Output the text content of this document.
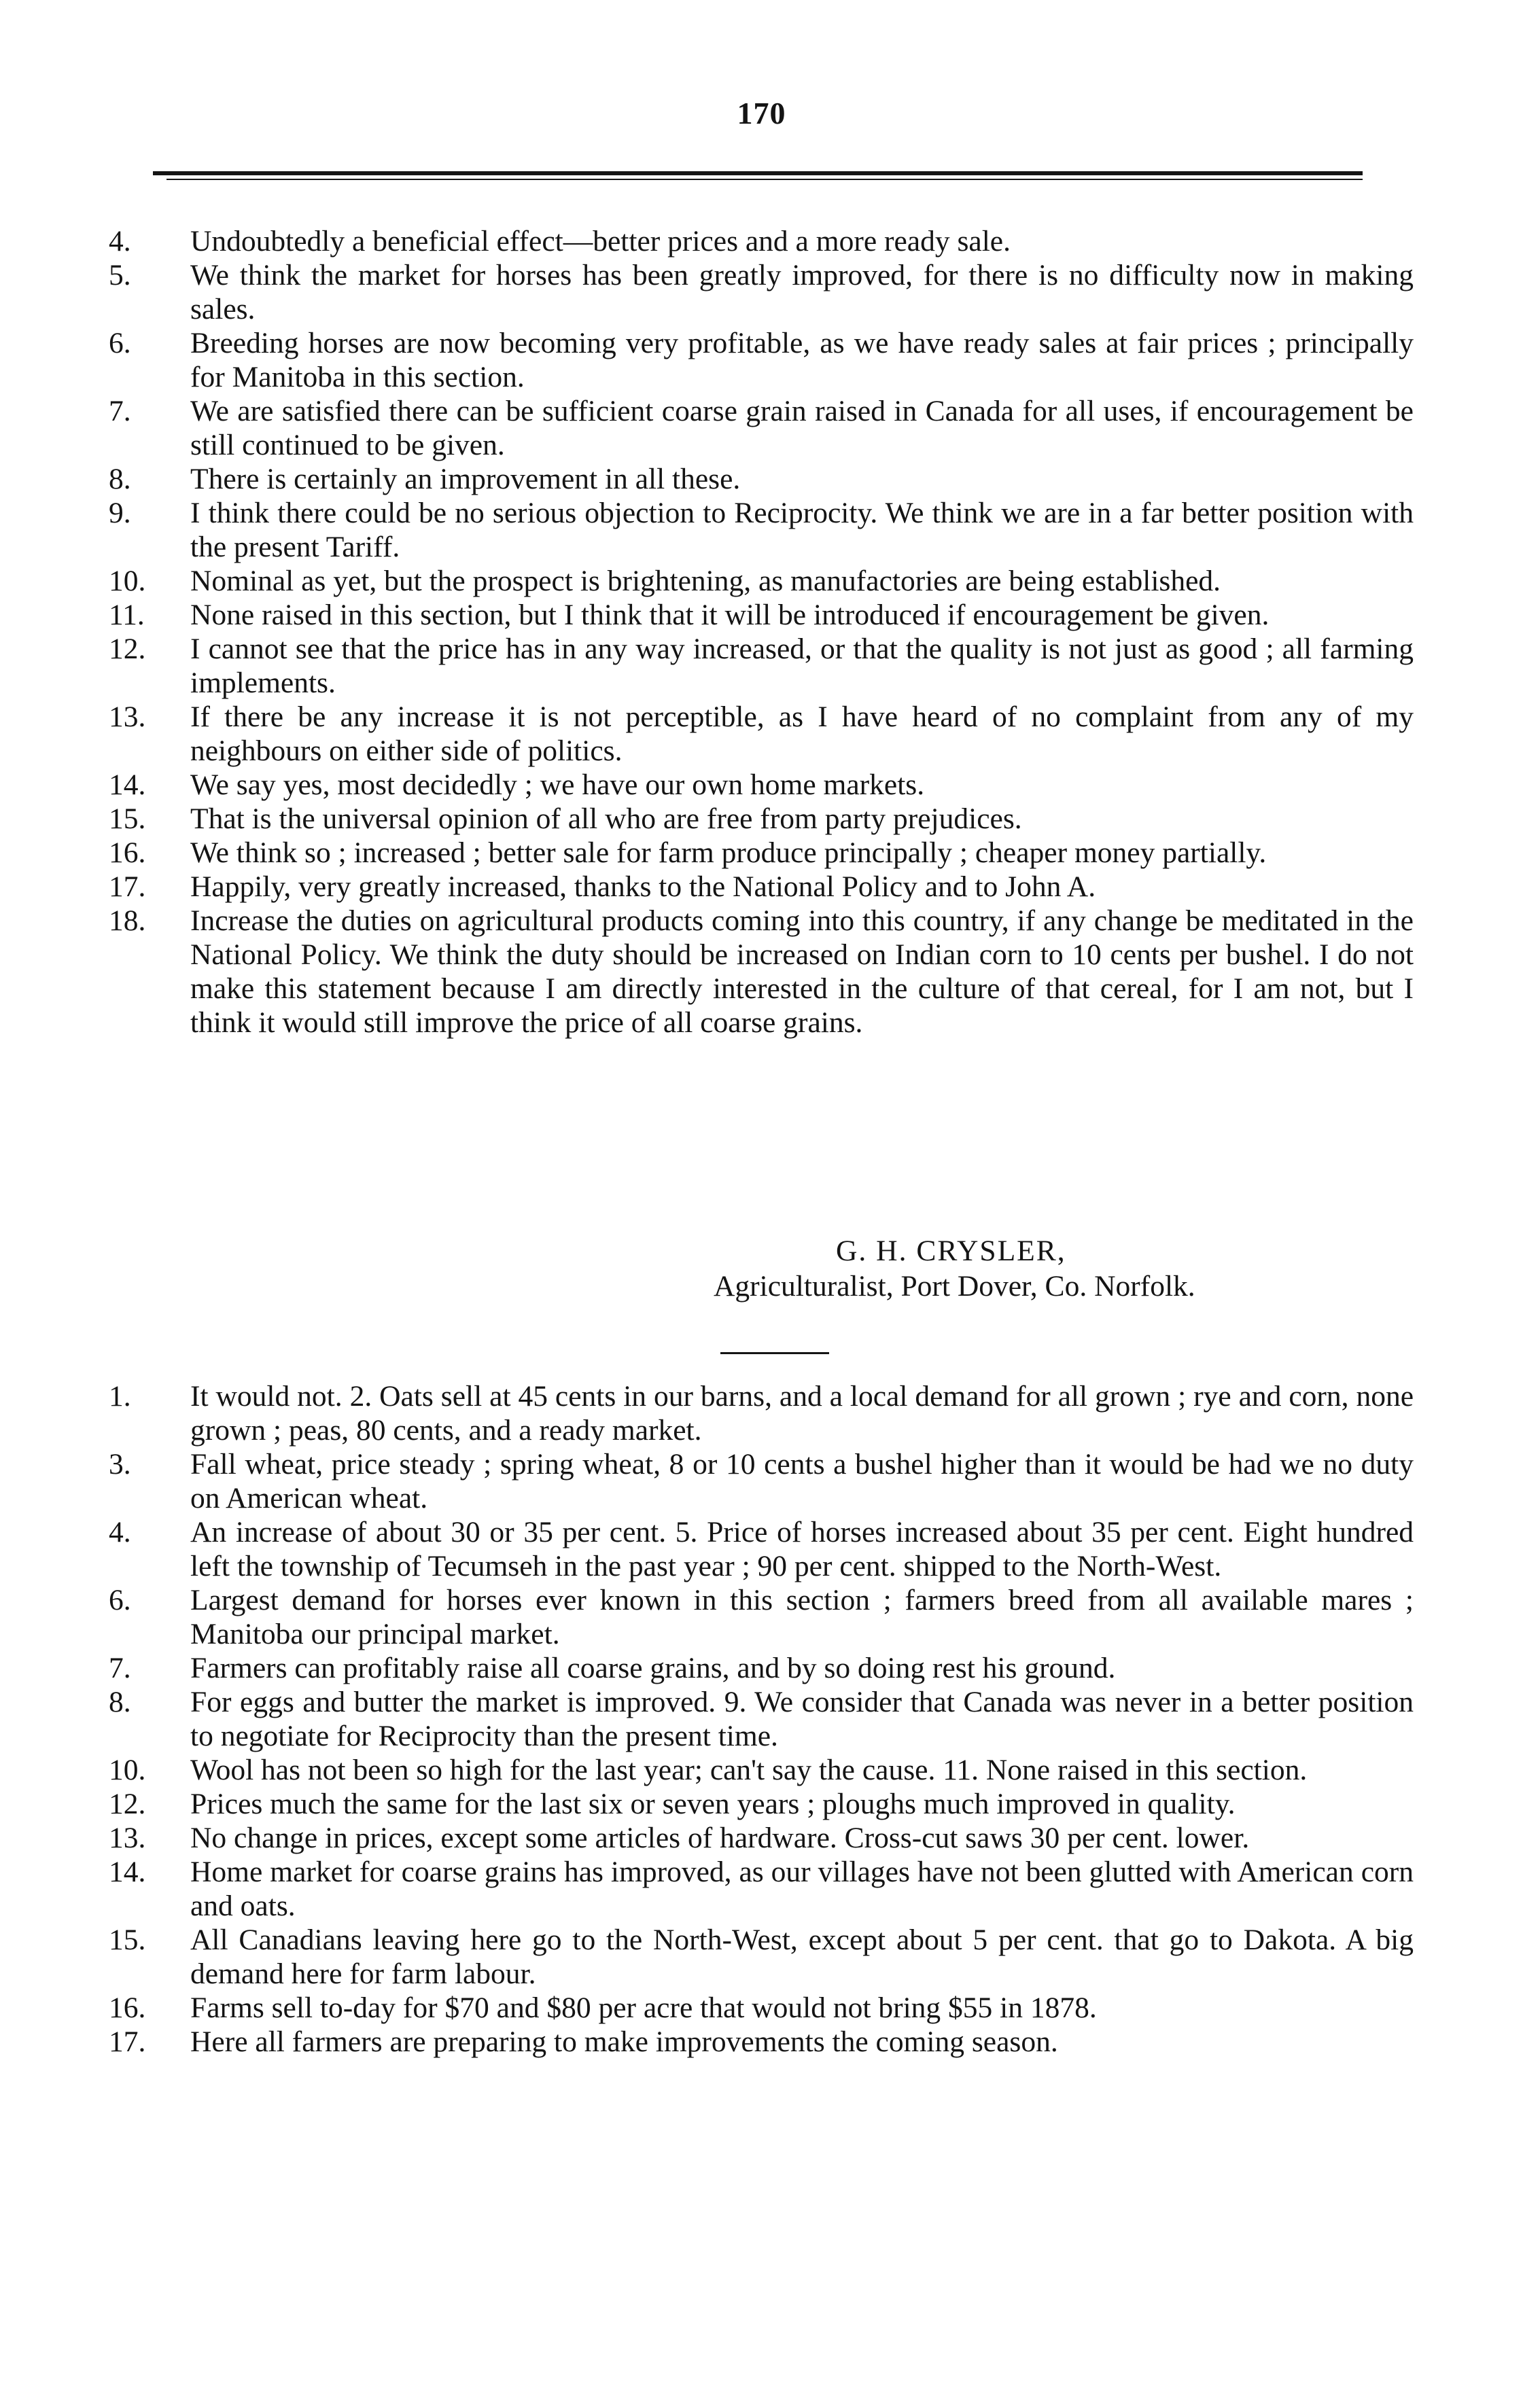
170

4.	Undoubtedly a beneficial effect—better prices and a more ready sale.

5.	We think the market for horses has been greatly improved, for there is no difficulty now in making sales.

6.	Breeding horses are now becoming very profitable, as we have ready sales at fair prices ; principally for Manitoba in this section.

7.	We are satisfied there can be sufficient coarse grain raised in Canada for all uses, if encouragement be still continued to be given.

8.	There is certainly an improvement in all these.

9.	I think there could be no serious objection to Reciprocity. We think we are in a far better position with the present Tariff.

10.	Nominal as yet, but the prospect is brightening, as manufactories are being established.

11.	None raised in this section, but I think that it will be introduced if encouragement be given.

12.	I cannot see that the price has in any way increased, or that the quality is not just as good ; all farming implements.

13.	If there be any increase it is not perceptible, as I have heard of no complaint from any of my neighbours on either side of politics.

14.	We say yes, most decidedly ; we have our own home markets.

15.	That is the universal opinion of all who are free from party prejudices.

16.	We think so ; increased ; better sale for farm produce principally ; cheaper money partially.

17.	Happily, very greatly increased, thanks to the National Policy and to John A.

18.	Increase the duties on agricultural products coming into this country, if any change be meditated in the National Policy. We think the duty should be increased on Indian corn to 10 cents per bushel. I do not make this statement because I am directly interested in the culture of that cereal, for I am not, but I think it would still improve the price of all coarse grains.

G. H. CRYSLER,
Agriculturalist, Port Dover, Co. Norfolk.

1.	It would not. 2. Oats sell at 45 cents in our barns, and a local demand for all grown ; rye and corn, none grown ; peas, 80 cents, and a ready market.

3.	Fall wheat, price steady ; spring wheat, 8 or 10 cents a bushel higher than it would be had we no duty on American wheat.

4.	An increase of about 30 or 35 per cent. 5. Price of horses increased about 35 per cent. Eight hundred left the township of Tecumseh in the past year ; 90 per cent. shipped to the North-West.

6.	Largest demand for horses ever known in this section ; farmers breed from all available mares ; Manitoba our principal market.

7.	Farmers can profitably raise all coarse grains, and by so doing rest his ground.

8.	For eggs and butter the market is improved. 9. We consider that Canada was never in a better position to negotiate for Reciprocity than the present time.

10.	Wool has not been so high for the last year; can't say the cause. 11. None raised in this section.

12.	Prices much the same for the last six or seven years ; ploughs much improved in quality.

13.	No change in prices, except some articles of hardware. Cross-cut saws 30 per cent. lower.

14.	Home market for coarse grains has improved, as our villages have not been glutted with American corn and oats.

15.	All Canadians leaving here go to the North-West, except about 5 per cent. that go to Dakota. A big demand here for farm labour.

16.	Farms sell to-day for $70 and $80 per acre that would not bring $55 in 1878.

17.	Here all farmers are preparing to make improvements the coming season.
